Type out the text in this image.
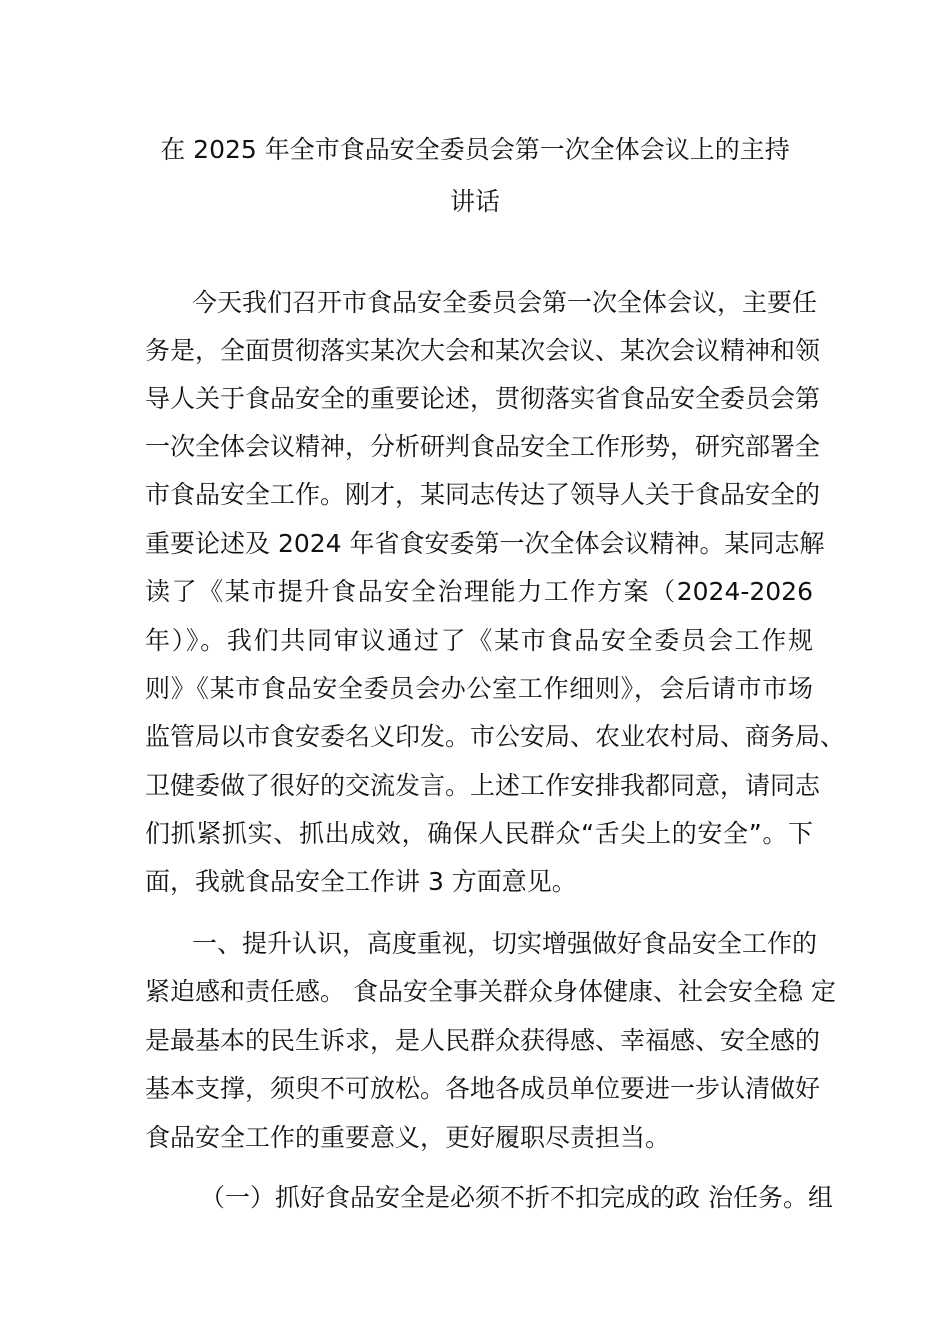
在 2025 年全市食品安全委员会第一次全体会议上的主持
讲话
今天我们召开市食品安全委员会第一次全体会议，主要任
务是，全面贯彻落实某次大会和某次会议、某次会议精神和领
导人关于食品安全的重要论述，贯彻落实省食品安全委员会第
一次全体会议精神，分析研判食品安全工作形势，研究部署全
市食品安全工作。刚才，某同志传达了领导人关于食品安全的
重要论述及 2024 年省食安委第一次全体会议精神。某同志解
读了《某市提升食品安全治理能力工作方案（2024-2026
年）》。我们共同审议通过了《某市食品安全委员会工作规
则》《某市食品安全委员会办公室工作细则》，会后请市市场
监管局以市食安委名义印发。市公安局、农业农村局、商务局、
卫健委做了很好的交流发言。上述工作安排我都同意，请同志
们抓紧抓实、抓出成效，确保人民群众“舌尖上的安全”。下
面，我就食品安全工作讲 3 方面意见。
一、提升认识，高度重视，切实增强做好食品安全工作的
紧迫感和责任感。 食品安全事关群众身体健康、社会安全稳 定
是最基本的民生诉求，是人民群众获得感、幸福感、安全感的
基本支撑，须臾不可放松。各地各成员单位要进一步认清做好
食品安全工作的重要意义，更好履职尽责担当。
（一）抓好食品安全是必须不折不扣完成的政 治任务。组
